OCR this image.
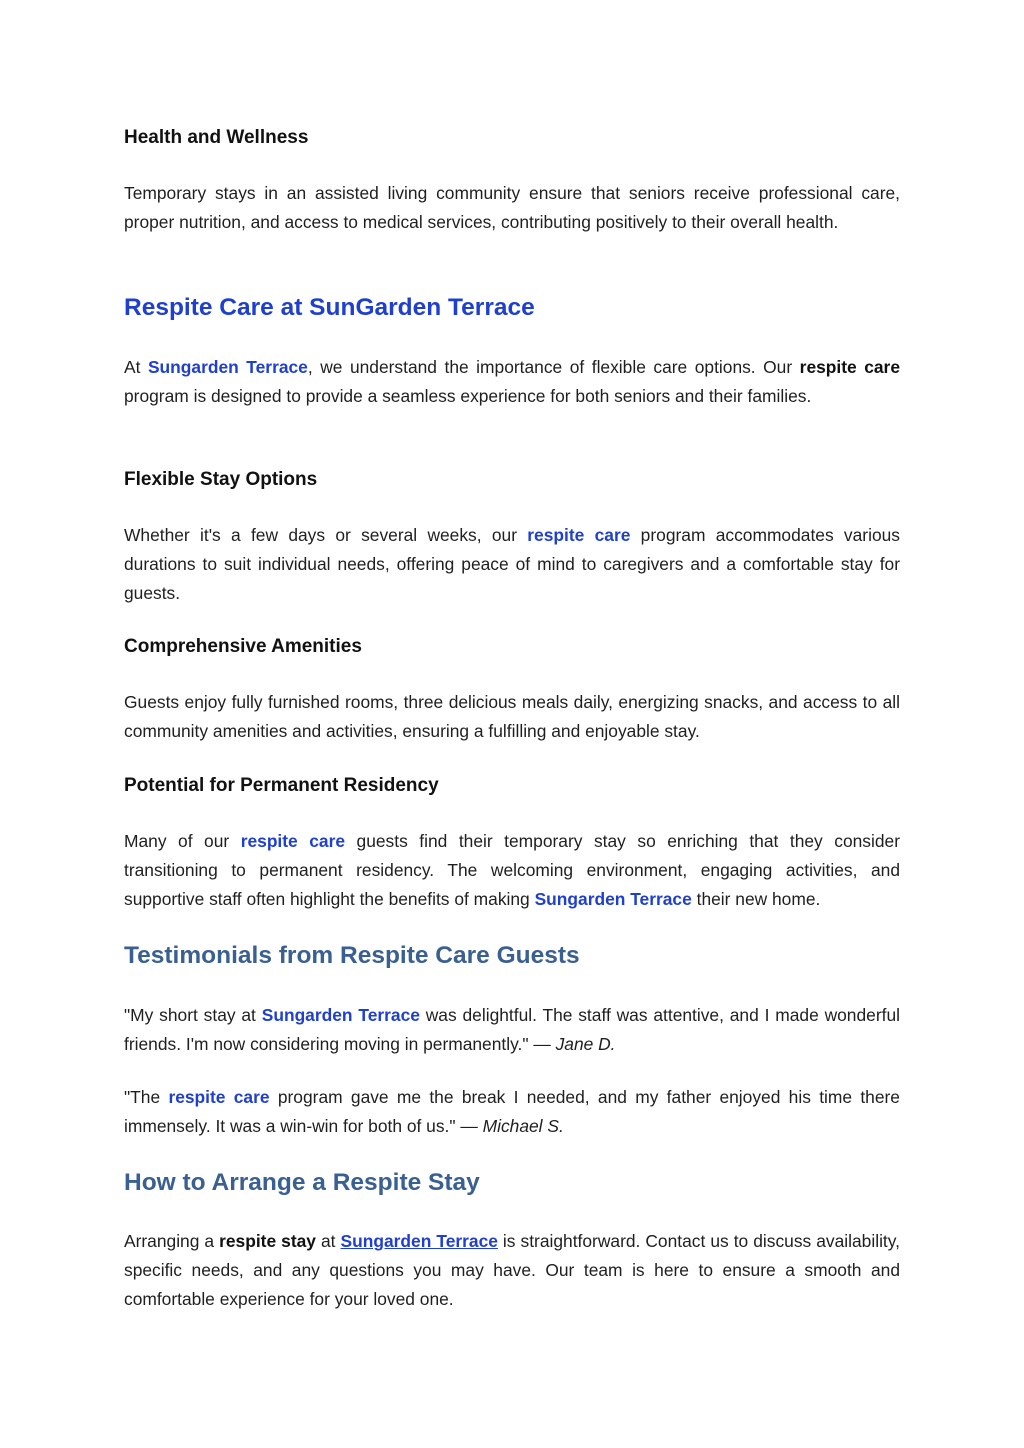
Health and Wellness
Temporary stays in an assisted living community ensure that seniors receive professional care, proper nutrition, and access to medical services, contributing positively to their overall health.
Respite Care at SunGarden Terrace
At Sungarden Terrace, we understand the importance of flexible care options. Our respite care program is designed to provide a seamless experience for both seniors and their families.
Flexible Stay Options
Whether it's a few days or several weeks, our respite care program accommodates various durations to suit individual needs, offering peace of mind to caregivers and a comfortable stay for guests.
Comprehensive Amenities
Guests enjoy fully furnished rooms, three delicious meals daily, energizing snacks, and access to all community amenities and activities, ensuring a fulfilling and enjoyable stay.
Potential for Permanent Residency
Many of our respite care guests find their temporary stay so enriching that they consider transitioning to permanent residency. The welcoming environment, engaging activities, and supportive staff often highlight the benefits of making Sungarden Terrace their new home.
Testimonials from Respite Care Guests
"My short stay at Sungarden Terrace was delightful. The staff was attentive, and I made wonderful friends. I'm now considering moving in permanently." — Jane D.
"The respite care program gave me the break I needed, and my father enjoyed his time there immensely. It was a win-win for both of us." — Michael S.
How to Arrange a Respite Stay
Arranging a respite stay at Sungarden Terrace is straightforward. Contact us to discuss availability, specific needs, and any questions you may have. Our team is here to ensure a smooth and comfortable experience for your loved one.
